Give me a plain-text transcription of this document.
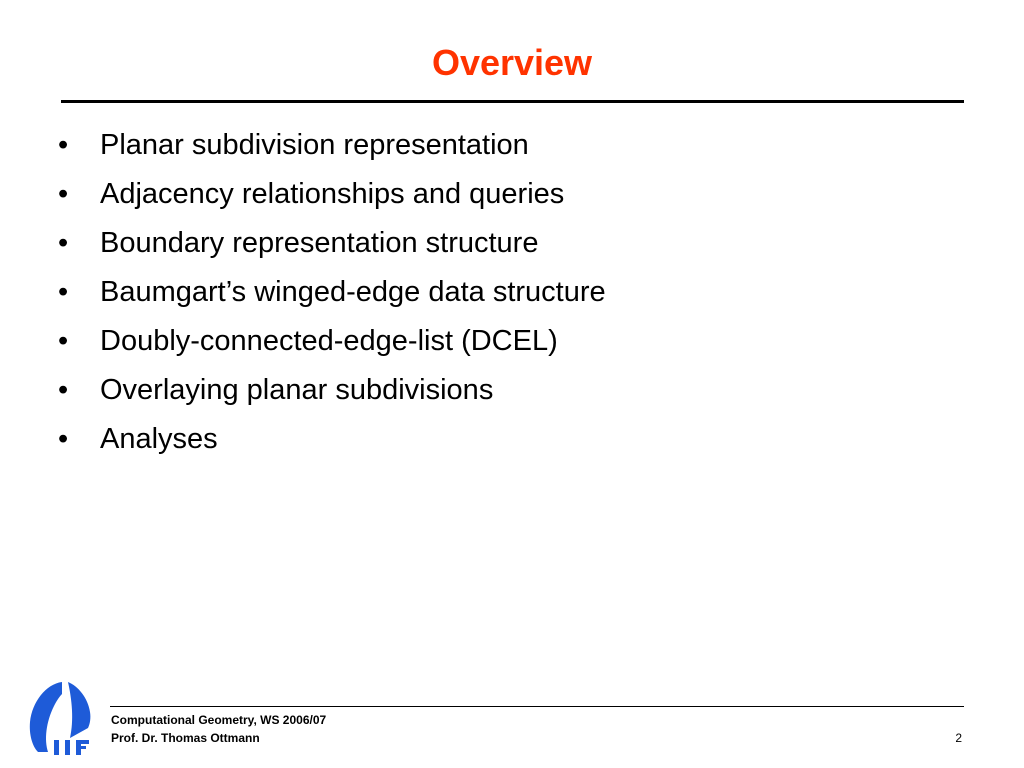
Overview
•	Planar subdivision representation
•	Adjacency relationships and queries
•	Boundary representation structure
•	Baumgart’s winged-edge data structure
•	Doubly-connected-edge-list (DCEL)
•	Overlaying planar subdivisions
•	Analyses
Computational Geometry, WS 2006/07
Prof. Dr. Thomas Ottmann	2
